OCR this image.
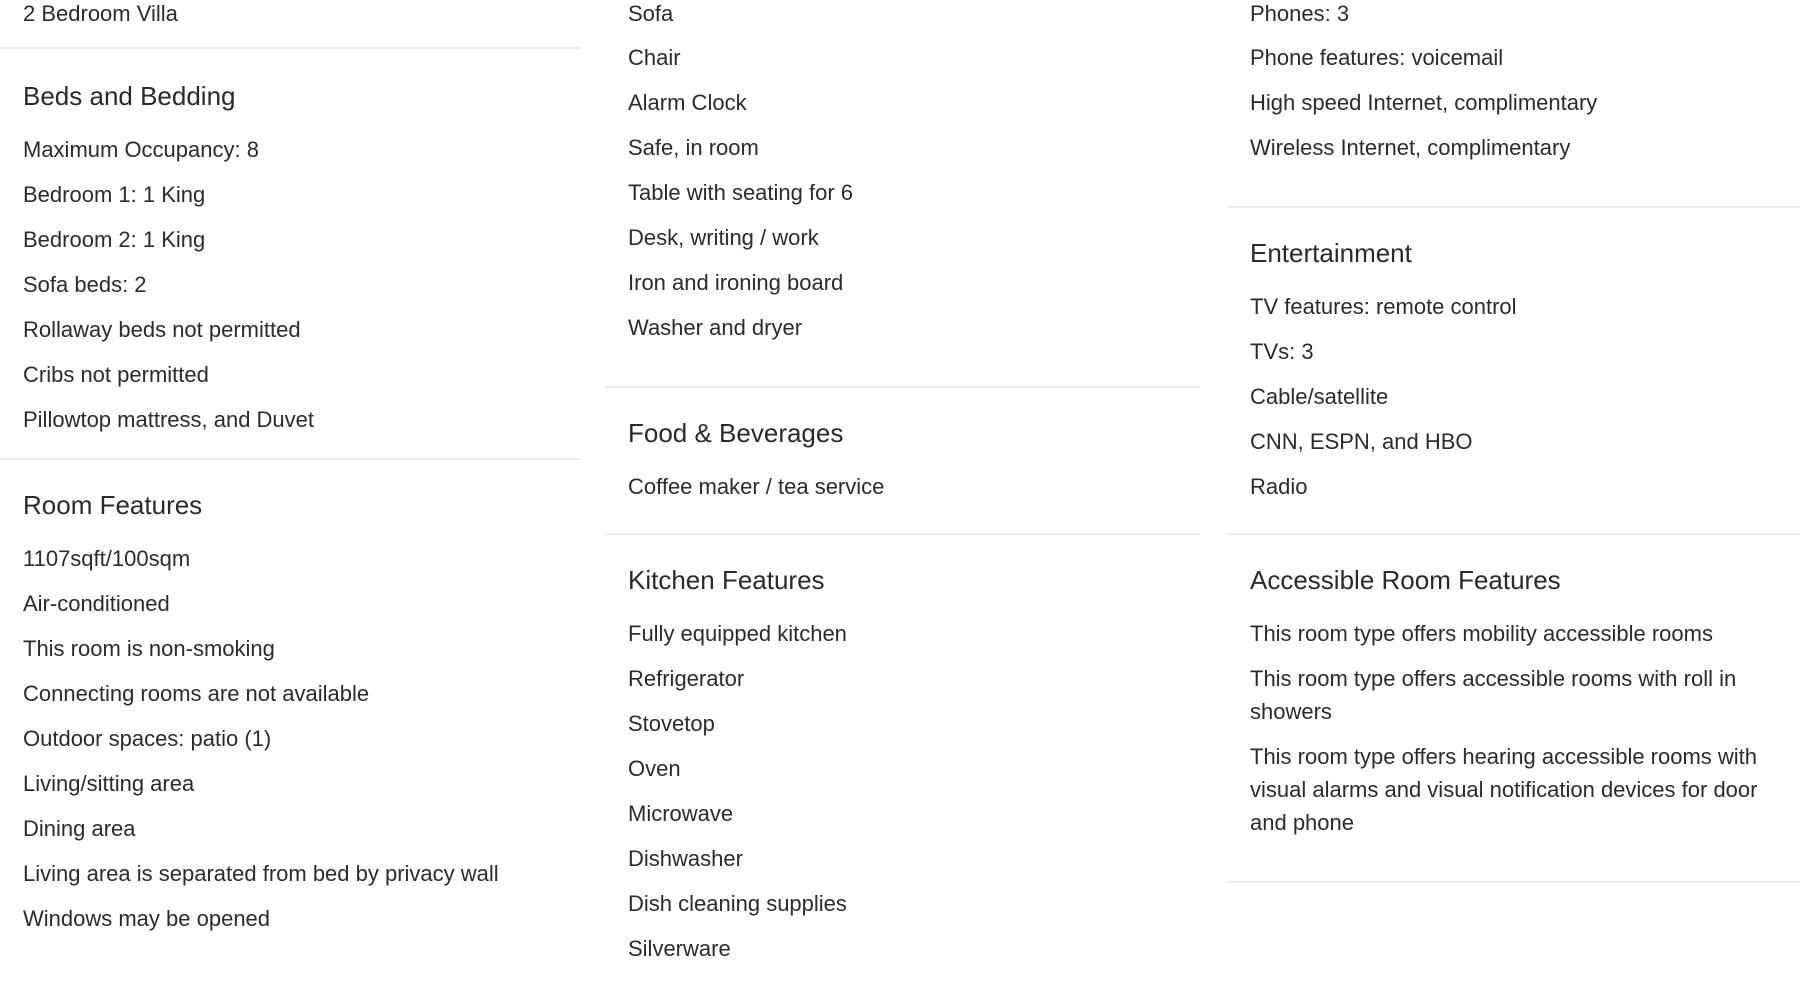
2 Bedroom Villa
Beds and Bedding
Maximum Occupancy: 8
Bedroom 1: 1 King
Bedroom 2: 1 King
Sofa beds: 2
Rollaway beds not permitted
Cribs not permitted
Pillowtop mattress, and Duvet
Room Features
1107sqft/100sqm
Air-conditioned
This room is non-smoking
Connecting rooms are not available
Outdoor spaces: patio (1)
Living/sitting area
Dining area
Living area is separated from bed by privacy wall
Windows may be opened
Sofa
Chair
Alarm Clock
Safe, in room
Table with seating for 6
Desk, writing / work
Iron and ironing board
Washer and dryer
Food & Beverages
Coffee maker / tea service
Kitchen Features
Fully equipped kitchen
Refrigerator
Stovetop
Oven
Microwave
Dishwasher
Dish cleaning supplies
Silverware
Phones: 3
Phone features: voicemail
High speed Internet, complimentary
Wireless Internet, complimentary
Entertainment
TV features: remote control
TVs: 3
Cable/satellite
CNN, ESPN, and HBO
Radio
Accessible Room Features
This room type offers mobility accessible rooms
This room type offers accessible rooms with roll in showers
This room type offers hearing accessible rooms with visual alarms and visual notification devices for door and phone
